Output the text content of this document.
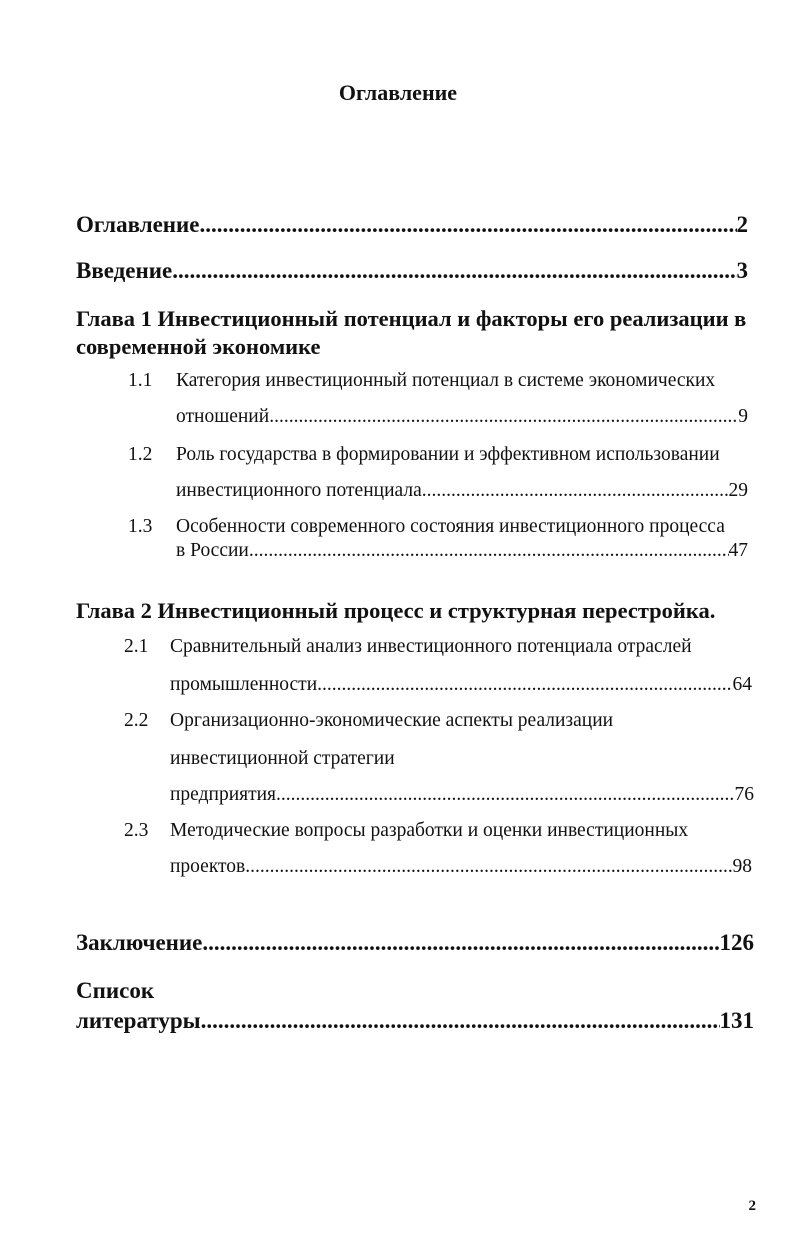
Оглавление
Оглавление .....	2
Введение .....	3
Глава 1 Инвестиционный потенциал и факторы его реализации в
современной экономике
1.1 Категория инвестиционный потенциал в системе экономических
отношений .....	9
1.2 Роль государства в формировании и эффективном использовании
инвестиционного потенциала .....	29
1.3 Особенности современного состояния инвестиционного процесса
в России .....	47
Глава 2 Инвестиционный процесс и структурная перестройка.
2.1 Сравнительный анализ инвестиционного потенциала отраслей
промышленности .....	64
2.2 Организационно-экономические аспекты реализации
инвестиционной стратегии
предприятия .....	76
2.3 Методические вопросы разработки и оценки инвестиционных
проектов .....	98
Заключение .....	126
Список
литературы .....	131
2
